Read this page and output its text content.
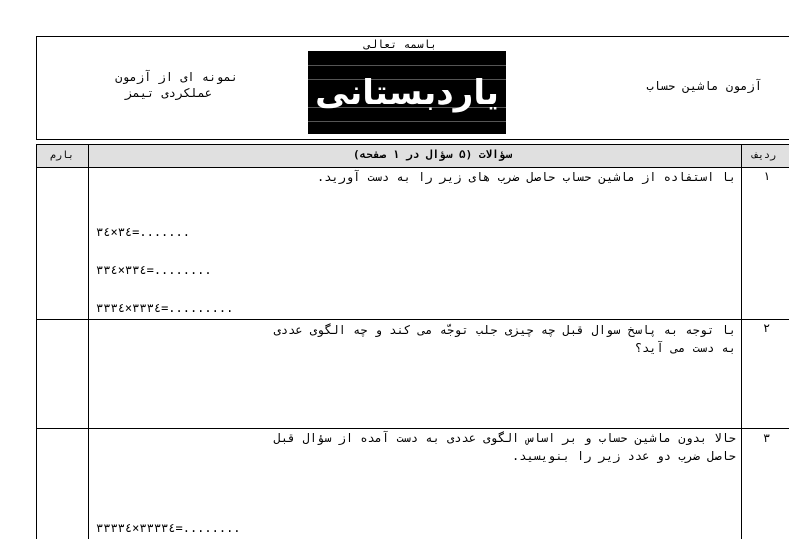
باسمه تعالی
نمونه ای از آزمون
عملکردی تیمز	یاردبستانی	آزمون ماشین حساب
بارم	سؤالات (۵ سؤال در ۱ صفحه)	ردیف
۱
با استفاده از ماشین حساب حاصل ضرب های زیر را به دست آورید.
۳٤×۳٤=.......
۳۳٤×۳۳٤=........
۳۳۳٤×۳۳۳٤=.........
۲
با توجه به پاسخ سوال قبل چه چیزی جلب توجّه می کند و چه الگوی عددی
به دست می آید؟
۳
حالا بدون ماشین حساب و بر اساس الگوی عددی به دست آمده از سؤال قبل
حاصل ضرب دو عدد زیر را بنویسید.
۳۳۳۳٤×۳۳۳۳٤=........
